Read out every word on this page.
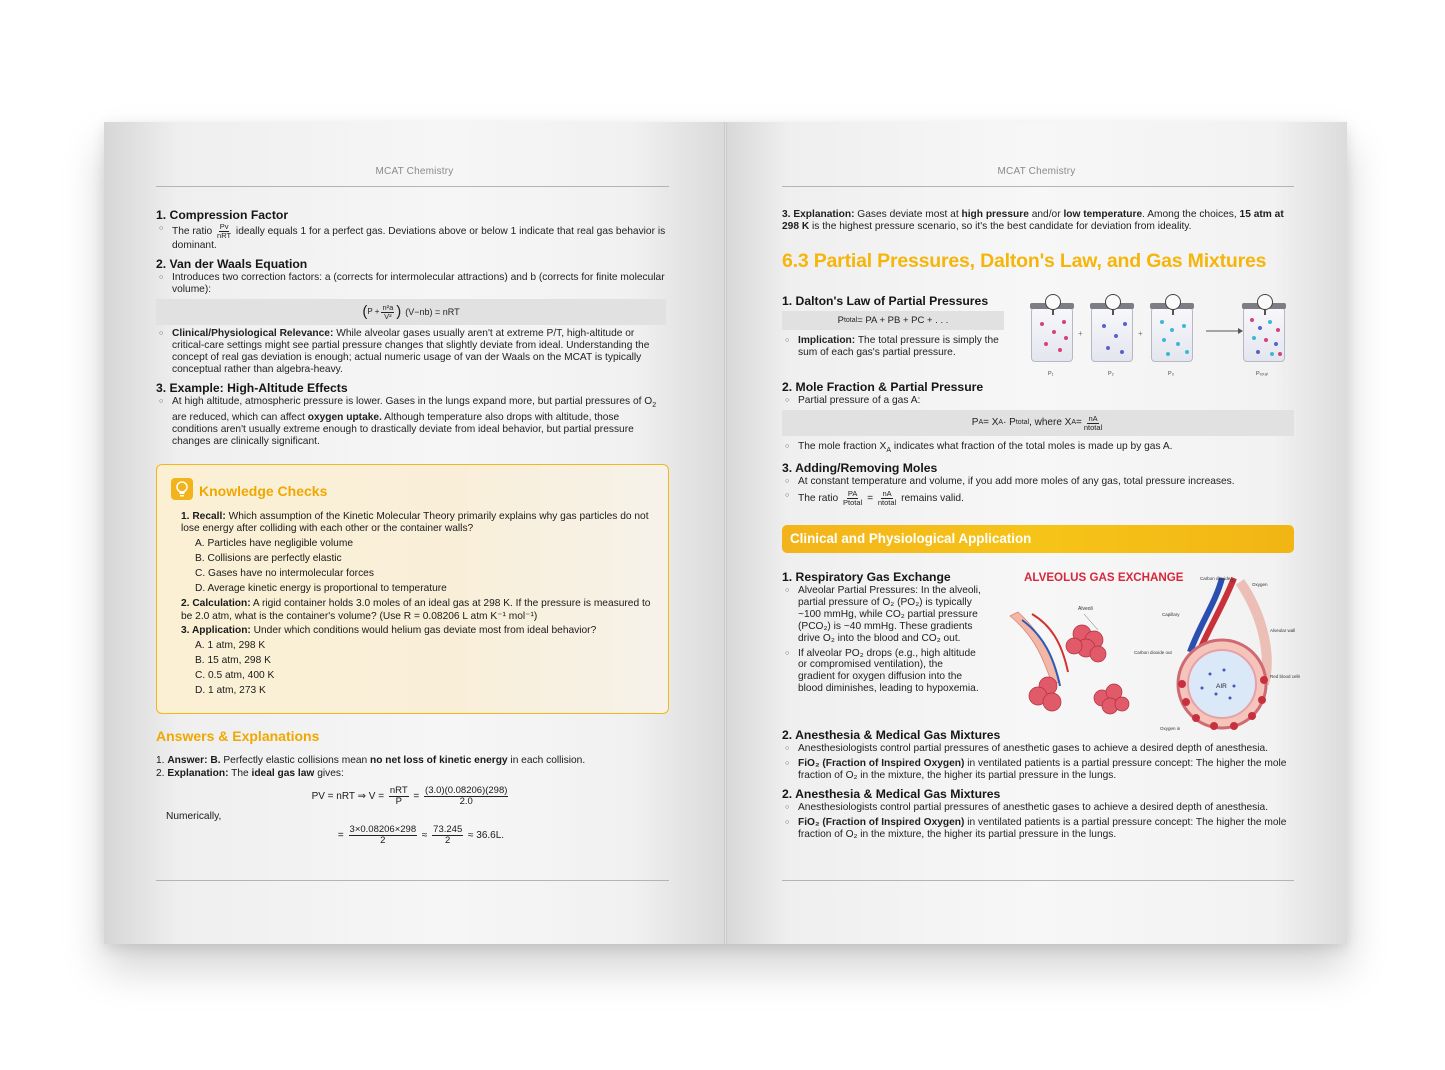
MCAT Chemistry
1. Compression Factor
○ The ratio $\frac{Pv}{\text{nRT}}$ ideally equals 1 for a perfect gas. Deviations above or below 1 indicate that real gas behavior is dominant.
2. Van der Waals Equation
○ Introduces two correction factors: a (corrects for intermolecular attractions) and b (corrects for finite molecular volume):
( $P + \frac{\text{n²a}}{\text{V²}}$ ) (V−nb) = nRT
○ Clinical/Physiological Relevance: While alveolar gases usually aren't at extreme P/T, high-altitude or critical-care settings might see partial pressure changes that slightly deviate from ideal. Understanding the concept of real gas deviation is enough; actual numeric usage of van der Waals on the MCAT is typically conceptual rather than algebra-heavy.
3. Example: High-Altitude Effects
○ At high altitude, atmospheric pressure is lower. Gases in the lungs expand more, but partial pressures of $O_2$ are reduced, which can affect oxygen uptake. Although temperature also drops with altitude, those conditions aren't usually extreme enough to drastically deviate from ideal behavior, but partial pressure changes are clinically significant.
Knowledge Checks
1. Recall: Which assumption of the Kinetic Molecular Theory primarily explains why gas particles do not lose energy after colliding with each other or the container walls?
A. Particles have negligible volume
B. Collisions are perfectly elastic
C. Gases have no intermolecular forces
D. Average kinetic energy is proportional to temperature
2. Calculation: A rigid container holds 3.0 moles of an ideal gas at 298 K. If the pressure is measured to be 2.0 atm, what is the container's volume? (Use R = 0.08206 L atm K⁻¹ mol⁻¹)
3. Application: Under which conditions would helium gas deviate most from ideal behavior?
A. 1 atm, 298 K
B. 15 atm, 298 K
C. 0.5 atm, 400 K
D. 1 atm, 273 K
Answers & Explanations
1. Answer: B. Perfectly elastic collisions mean no net loss of kinetic energy in each collision.
2. Explanation: The ideal gas law gives:
PV = nRT ⇒ $V = \frac{\text{nRT}}{P} = \frac{(3.0)(0.08206)(298)}{2.0}$
Numerically,
= $\frac{3\times 0.08206\times 298}{2} \approx \frac{73.245}{2} \approx 36.6L$.
MCAT Chemistry
3. Explanation: Gases deviate most at high pressure and/or low temperature. Among the choices, 15 atm at 298 K is the highest pressure scenario, so it's the best candidate for deviation from ideality.
6.3 Partial Pressures, Dalton's Law, and Gas Mixtures
1. Dalton's Law of Partial Pressures
P total = PA + PB + PC + . . .
○ Implication: The total pressure is simply the sum of each gas's partial pressure.
+	+
P₁	P₂	P₃	Pₜₒₜₐₗ
2. Mole Fraction & Partial Pressure
○ Partial pressure of a gas A:
P A = X A · P total , where X $A = \frac{nA}{\text{ntotal}}$
○ The mole fraction $X_A$ indicates what fraction of the total moles is made up by gas A.
3. Adding/Removing Moles
○ At constant temperature and volume, if you add more moles of any gas, total pressure increases.
○ The ratio $\frac{PA}{\text{Ptotal}} = \frac{nA}{\text{ntotal}}$ remains valid.
Clinical and Physiological Application
1. Respiratory Gas Exchange
○ Alveolar Partial Pressures: In the alveoli, partial pressure of O₂ (PO₂) is typically ~100 mmHg, while CO₂ partial pressure (PCO₂) is ~40 mmHg. These gradients drive O₂ into the blood and CO₂ out.
○ If alveolar PO₂ drops (e.g., high altitude or compromised ventilation), the gradient for oxygen diffusion into the blood diminishes, leading to hypoxemia.
ALVEOLUS GAS EXCHANGE
Alveoli
AIR
Carbon dioxide O₂
Oxygen
Capillary
Alveolar wall
Carbon dioxide out
Red blood cells
Oxygen in
2. Anesthesia & Medical Gas Mixtures
○ Anesthesiologists control partial pressures of anesthetic gases to achieve a desired depth of anesthesia.
○ FiO₂ (Fraction of Inspired Oxygen) in ventilated patients is a partial pressure concept: The higher the mole fraction of O₂ in the mixture, the higher its partial pressure in the lungs.
2. Anesthesia & Medical Gas Mixtures
○ Anesthesiologists control partial pressures of anesthetic gases to achieve a desired depth of anesthesia.
○ FiO₂ (Fraction of Inspired Oxygen) in ventilated patients is a partial pressure concept: The higher the mole fraction of O₂ in the mixture, the higher its partial pressure in the lungs.
